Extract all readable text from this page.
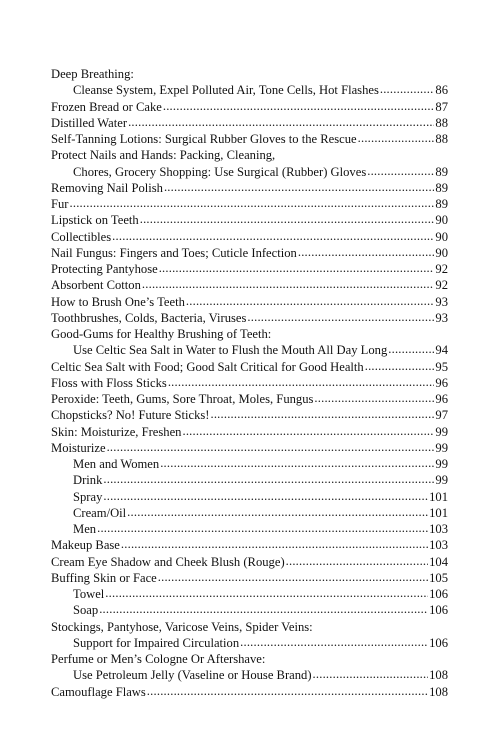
Deep Breathing:
Cleanse System, Expel Polluted Air, Tone Cells, Hot Flashes .....	86
Frozen Bread or Cake .....	87
Distilled Water .....	88
Self-Tanning Lotions: Surgical Rubber Gloves to the Rescue .....	88
Protect Nails and Hands: Packing, Cleaning,
Chores, Grocery Shopping: Use Surgical (Rubber) Gloves .....	89
Removing Nail Polish .....	89
Fur .....	89
Lipstick on Teeth .....	90
Collectibles .....	90
Nail Fungus: Fingers and Toes; Cuticle Infection .....	90
Protecting Pantyhose .....	92
Absorbent Cotton .....	92
How to Brush One’s Teeth .....	93
Toothbrushes, Colds, Bacteria, Viruses .....	93
Good-Gums for Healthy Brushing of Teeth:
Use Celtic Sea Salt in Water to Flush the Mouth All Day Long .....	94
Celtic Sea Salt with Food; Good Salt Critical for Good Health .....	95
Floss with Floss Sticks .....	96
Peroxide: Teeth, Gums, Sore Throat, Moles, Fungus .....	96
Chopsticks? No! Future Sticks! .....	97
Skin: Moisturize, Freshen .....	99
Moisturize .....	99
Men and Women .....	99
Drink .....	99
Spray .....	101
Cream/Oil .....	101
Men .....	103
Makeup Base .....	103
Cream Eye Shadow and Cheek Blush (Rouge) .....	104
Buffing Skin or Face .....	105
Towel .....	106
Soap .....	106
Stockings, Pantyhose, Varicose Veins, Spider Veins:
Support for Impaired Circulation .....	106
Perfume or Men’s Cologne Or Aftershave:
Use Petroleum Jelly (Vaseline or House Brand) .....	108
Camouflage Flaws .....	108
